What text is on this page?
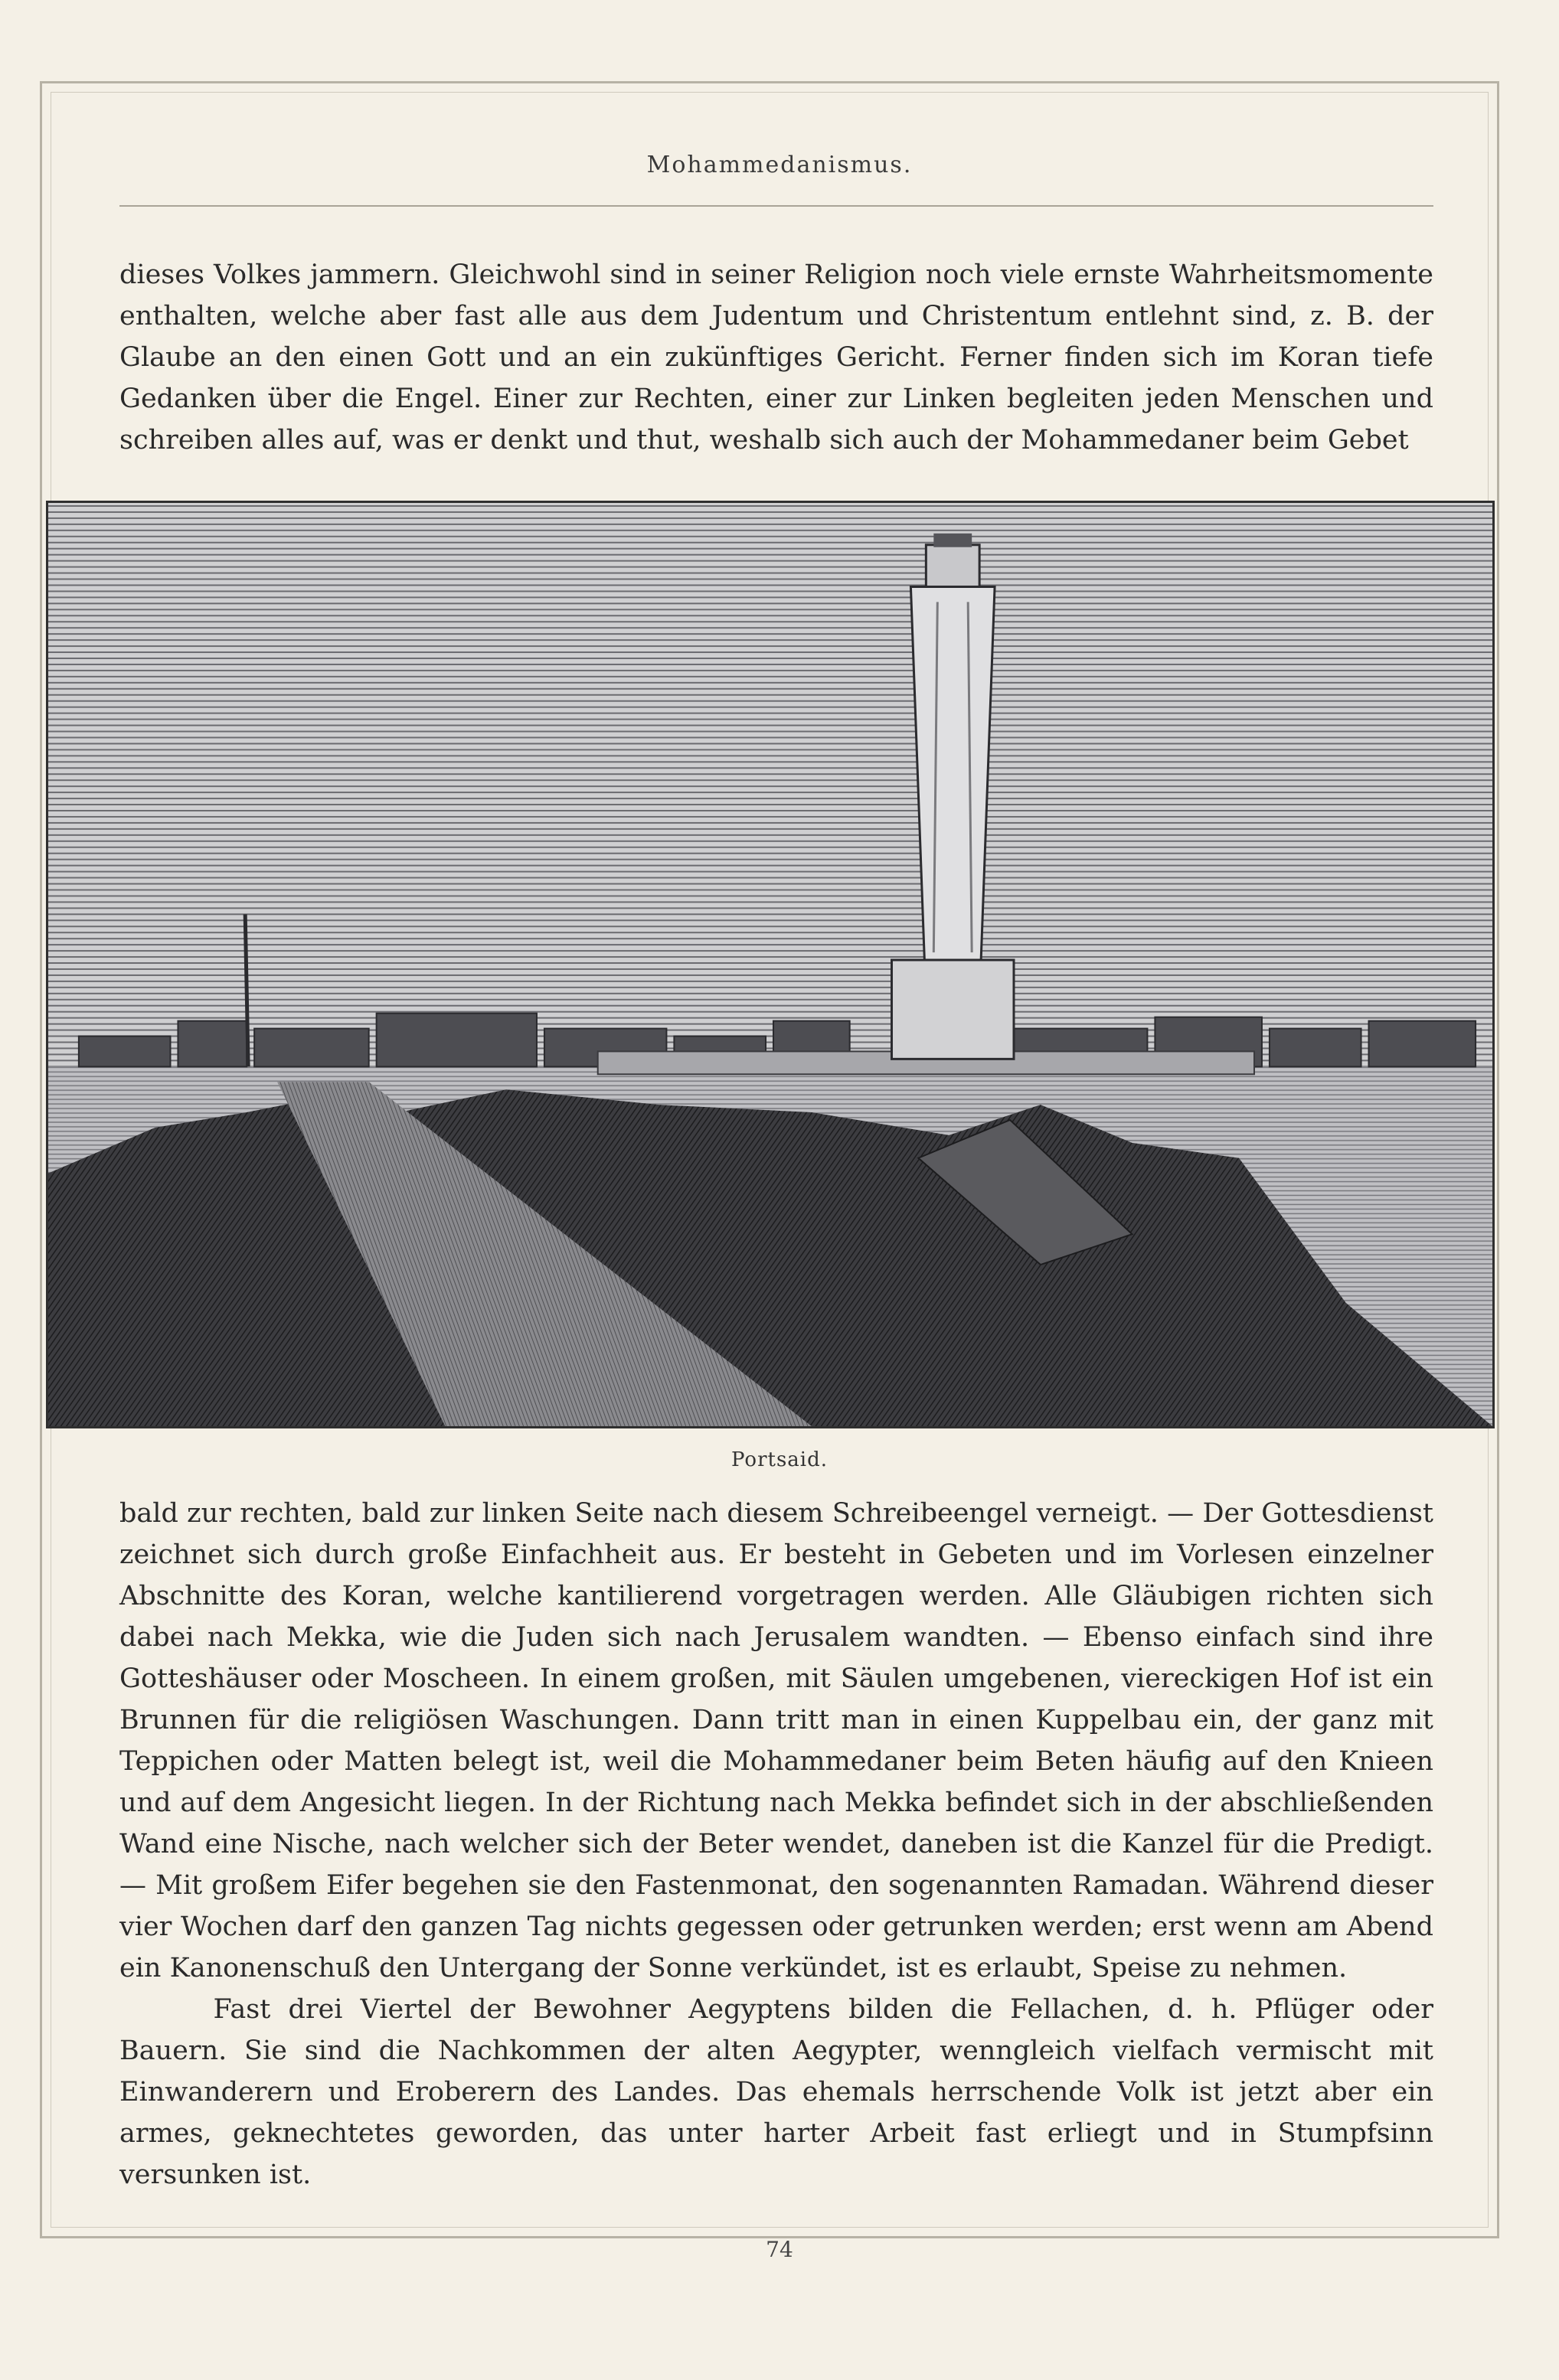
Mohammedanismus.

dieses Volkes jammern. Gleichwohl sind in seiner Religion noch viele ernste Wahrheitsmomente enthalten, welche aber fast alle aus dem Judentum und Christentum entlehnt sind, z. B. der Glaube an den einen Gott und an ein zukünftiges Gericht. Ferner finden sich im Koran tiefe Gedanken über die Engel. Einer zur Rechten, einer zur Linken begleiten jeden Menschen und schreiben alles auf, was er denkt und thut, weshalb sich auch der Mohammedaner beim Gebet

Portsaid.

bald zur rechten, bald zur linken Seite nach diesem Schreibeengel verneigt. — Der Gottesdienst zeichnet sich durch große Einfachheit aus. Er besteht in Gebeten und im Vorlesen einzelner Abschnitte des Koran, welche kantilierend vorgetragen werden. Alle Gläubigen richten sich dabei nach Mekka, wie die Juden sich nach Jerusalem wandten. — Ebenso einfach sind ihre Gotteshäuser oder Moscheen. In einem großen, mit Säulen umgebenen, viereckigen Hof ist ein Brunnen für die religiösen Waschungen. Dann tritt man in einen Kuppelbau ein, der ganz mit Teppichen oder Matten belegt ist, weil die Mohammedaner beim Beten häufig auf den Knieen und auf dem Angesicht liegen. In der Richtung nach Mekka befindet sich in der abschließenden Wand eine Nische, nach welcher sich der Beter wendet, daneben ist die Kanzel für die Predigt. — Mit großem Eifer begehen sie den Fastenmonat, den sogenannten Ramadan. Während dieser vier Wochen darf den ganzen Tag nichts gegessen oder getrunken werden; erst wenn am Abend ein Kanonenschuß den Untergang der Sonne verkündet, ist es erlaubt, Speise zu nehmen.

Fast drei Viertel der Bewohner Aegyptens bilden die Fellachen, d. h. Pflüger oder Bauern. Sie sind die Nachkommen der alten Aegypter, wenngleich vielfach vermischt mit Einwanderern und Eroberern des Landes. Das ehemals herrschende Volk ist jetzt aber ein armes, geknechtetes geworden, das unter harter Arbeit fast erliegt und in Stumpfsinn versunken ist.

74
